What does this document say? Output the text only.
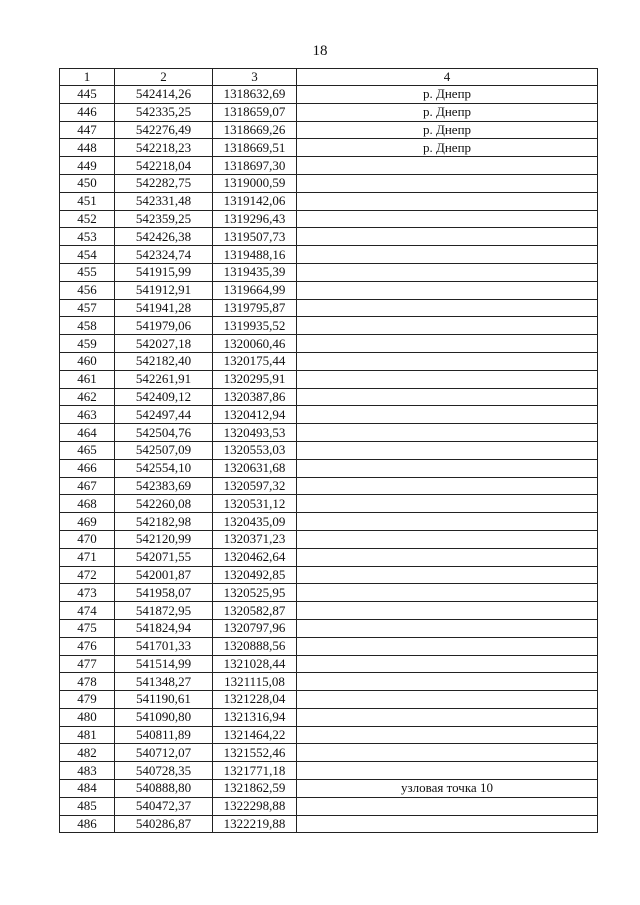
18
1	2	3	4
445	542414,26	1318632,69	р. Днепр
446	542335,25	1318659,07	р. Днепр
447	542276,49	1318669,26	р. Днепр
448	542218,23	1318669,51	р. Днепр
449	542218,04	1318697,30	
450	542282,75	1319000,59	
451	542331,48	1319142,06	
452	542359,25	1319296,43	
453	542426,38	1319507,73	
454	542324,74	1319488,16	
455	541915,99	1319435,39	
456	541912,91	1319664,99	
457	541941,28	1319795,87	
458	541979,06	1319935,52	
459	542027,18	1320060,46	
460	542182,40	1320175,44	
461	542261,91	1320295,91	
462	542409,12	1320387,86	
463	542497,44	1320412,94	
464	542504,76	1320493,53	
465	542507,09	1320553,03	
466	542554,10	1320631,68	
467	542383,69	1320597,32	
468	542260,08	1320531,12	
469	542182,98	1320435,09	
470	542120,99	1320371,23	
471	542071,55	1320462,64	
472	542001,87	1320492,85	
473	541958,07	1320525,95	
474	541872,95	1320582,87	
475	541824,94	1320797,96	
476	541701,33	1320888,56	
477	541514,99	1321028,44	
478	541348,27	1321115,08	
479	541190,61	1321228,04	
480	541090,80	1321316,94	
481	540811,89	1321464,22	
482	540712,07	1321552,46	
483	540728,35	1321771,18	
484	540888,80	1321862,59	узловая точка 10
485	540472,37	1322298,88	
486	540286,87	1322219,88	
